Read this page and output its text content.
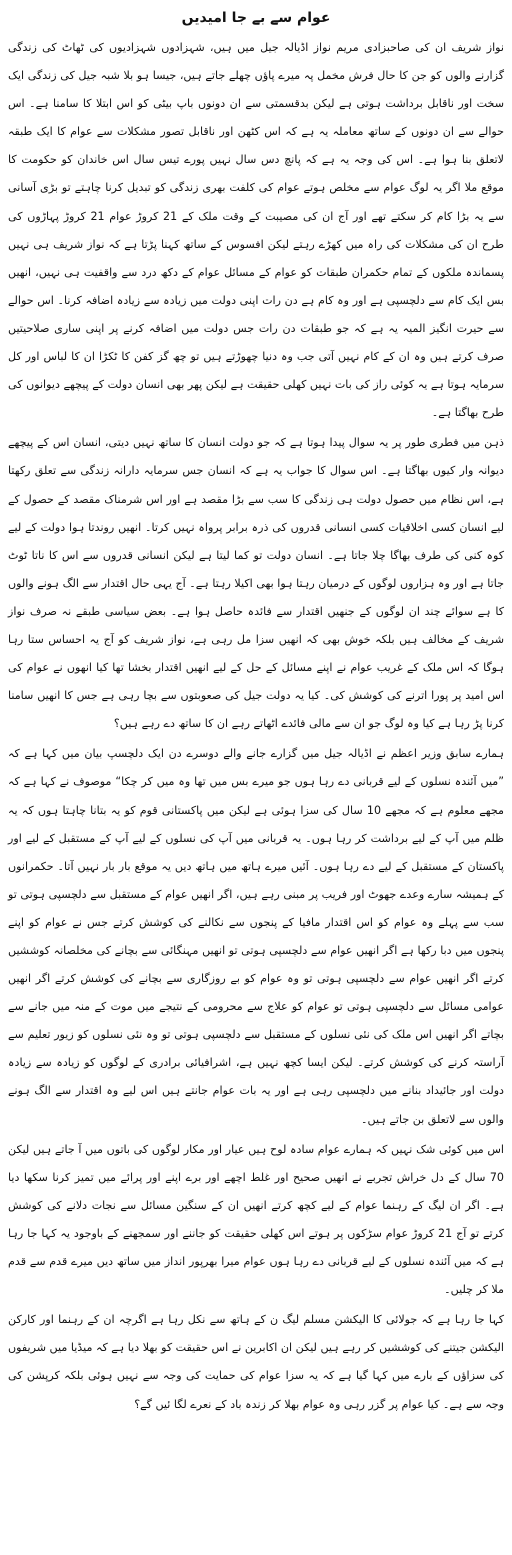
عوام سے بے جا امیدیں

نواز شریف ان کی صاحبزادی مریم نواز اڈیالہ جیل میں ہیں، شہزادوں شہزادیوں کی ٹھاٹ کی زندگی گزارنے والوں کو جن کا حال فرش مخمل پہ میرے پاؤں چھلے جاتے ہیں، جیسا ہو بلا شبہ جیل کی زندگی ایک سخت اور ناقابل برداشت ہوتی ہے لیکن بدقسمتی سے ان دونوں باپ بیٹی کو اس ابتلا کا سامنا ہے۔ اس حوالے سے ان دونوں کے ساتھ معاملہ یہ ہے کہ اس کٹھن اور ناقابل تصور مشکلات سے عوام کا ایک طبقہ لاتعلق بنا ہوا ہے۔ اس کی وجہ یہ ہے کہ پانچ دس سال نہیں پورے تیس سال اس خاندان کو حکومت کا موقع ملا اگر یہ لوگ عوام سے مخلص ہوتے عوام کی کلفت بھری زندگی کو تبدیل کرنا چاہتے تو بڑی آسانی سے یہ بڑا کام کر سکتے تھے اور آج ان کی مصیبت کے وقت ملک کے 21 کروڑ عوام 21 کروڑ پہاڑوں کی طرح ان کی مشکلات کی راہ میں کھڑے رہتے لیکن افسوس کے ساتھ کہنا پڑتا ہے کہ نواز شریف ہی نہیں پسماندہ ملکوں کے تمام حکمران طبقات کو عوام کے مسائل عوام کے دکھ درد سے واقفیت ہی نہیں، انھیں بس ایک کام سے دلچسپی ہے اور وہ کام ہے دن رات اپنی دولت میں زیادہ سے زیادہ اضافہ کرنا۔ اس حوالے سے حیرت انگیز المیہ یہ ہے کہ جو طبقات دن رات جس دولت میں اضافہ کرنے پر اپنی ساری صلاحیتیں صرف کرتے ہیں وہ ان کے کام نہیں آتی جب وہ دنیا چھوڑتے ہیں تو چھ گز کفن کا ٹکڑا ان کا لباس اور کل سرمایہ ہوتا ہے یہ کوئی راز کی بات نہیں کھلی حقیقت ہے لیکن پھر بھی انسان دولت کے پیچھے دیوانوں کی طرح بھاگتا ہے۔

ذہن میں فطری طور پر یہ سوال پیدا ہوتا ہے کہ جو دولت انسان کا ساتھ نہیں دیتی، انسان اس کے پیچھے دیوانہ وار کیوں بھاگتا ہے۔ اس سوال کا جواب یہ ہے کہ انسان جس سرمایہ دارانہ زندگی سے تعلق رکھتا ہے، اس نظام میں حصول دولت ہی زندگی کا سب سے بڑا مقصد ہے اور اس شرمناک مقصد کے حصول کے لیے انسان کسی اخلاقیات کسی انسانی قدروں کی ذرہ برابر پرواہ نہیں کرتا۔ انھیں روندتا ہوا دولت کے لیے کوہ کنی کی طرف بھاگا چلا جاتا ہے۔ انسان دولت تو کما لیتا ہے لیکن انسانی قدروں سے اس کا ناتا ٹوٹ جاتا ہے اور وہ ہزاروں لوگوں کے درمیان رہتا ہوا بھی اکیلا رہتا ہے۔ آج یہی حال اقتدار سے الگ ہونے والوں کا ہے سوائے چند ان لوگوں کے جنھیں اقتدار سے فائدہ حاصل ہوا ہے۔ بعض سیاسی طبقے نہ صرف نواز شریف کے مخالف ہیں بلکہ خوش بھی کہ انھیں سزا مل رہی ہے، نواز شریف کو آج یہ احساس ستا رہا ہوگا کہ اس ملک کے غریب عوام نے اپنے مسائل کے حل کے لیے انھیں اقتدار بخشا تھا کیا انھوں نے عوام کی اس امید پر پورا اترنے کی کوشش کی۔ کیا یہ دولت جیل کی صعوبتوں سے بچا رہی ہے جس کا انھیں سامنا کرنا پڑ رہا ہے کیا وہ لوگ جو ان سے مالی فائدے اٹھاتے رہے ان کا ساتھ دے رہے ہیں؟

ہمارے سابق وزیر اعظم نے اڈیالہ جیل میں گزارے جانے والے دوسرے دن ایک دلچسپ بیان میں کہا ہے کہ ”میں آئندہ نسلوں کے لیے قربانی دے رہا ہوں جو میرے بس میں تھا وہ میں کر چکا“ موصوف نے کہا ہے کہ مجھے معلوم ہے کہ مجھے 10 سال کی سزا ہوئی ہے لیکن میں پاکستانی قوم کو یہ بتانا چاہتا ہوں کہ یہ ظلم میں آپ کے لیے برداشت کر رہا ہوں۔ یہ قربانی میں آپ کی نسلوں کے لیے آپ کے مستقبل کے لیے اور پاکستان کے مستقبل کے لیے دے رہا ہوں۔ آئیں میرے ہاتھ میں ہاتھ دیں یہ موقع بار بار نہیں آتا۔ حکمرانوں کے ہمیشہ سارے وعدے جھوٹ اور فریب پر مبنی رہے ہیں، اگر انھیں عوام کے مستقبل سے دلچسپی ہوتی تو سب سے پہلے وہ عوام کو اس اقتدار مافیا کے پنجوں سے نکالنے کی کوشش کرتے جس نے عوام کو اپنے پنجوں میں دبا رکھا ہے اگر انھیں عوام سے دلچسپی ہوتی تو انھیں مہنگائی سے بچانے کی مخلصانہ کوششیں کرتے اگر انھیں عوام سے دلچسپی ہوتی تو وہ عوام کو بے روزگاری سے بچانے کی کوشش کرتے اگر انھیں عوامی مسائل سے دلچسپی ہوتی تو عوام کو علاج سے محرومی کے نتیجے میں موت کے منہ میں جانے سے بچاتے اگر انھیں اس ملک کی نئی نسلوں کے مستقبل سے دلچسپی ہوتی تو وہ نئی نسلوں کو زیور تعلیم سے آراستہ کرنے کی کوشش کرتے۔ لیکن ایسا کچھ نہیں ہے، اشرافیائی برادری کے لوگوں کو زیادہ سے زیادہ دولت اور جائیداد بنانے میں دلچسپی رہی ہے اور یہ بات عوام جانتے ہیں اس لیے وہ اقتدار سے الگ ہونے والوں سے لاتعلق بن جاتے ہیں۔

اس میں کوئی شک نہیں کہ ہمارے عوام سادہ لوح ہیں عیار اور مکار لوگوں کی باتوں میں آ جاتے ہیں لیکن 70 سال کے دل خراش تجربے نے انھیں صحیح اور غلط اچھے اور برے اپنے اور پرائے میں تمیز کرنا سکھا دیا ہے۔ اگر ان لیگ کے رہنما عوام کے لیے کچھ کرتے انھیں ان کے سنگین مسائل سے نجات دلانے کی کوشش کرتے تو آج 21 کروڑ عوام سڑکوں پر ہوتے اس کھلی حقیقت کو جاننے اور سمجھنے کے باوجود یہ کہا جا رہا ہے کہ میں آئندہ نسلوں کے لیے قربانی دے رہا ہوں عوام میرا بھرپور انداز میں ساتھ دیں میرے قدم سے قدم ملا کر چلیں۔

کہا جا رہا ہے کہ جولائی کا الیکشن مسلم لیگ ن کے ہاتھ سے نکل رہا ہے اگرچہ ان کے رہنما اور کارکن الیکشن جیتنے کی کوششیں کر رہے ہیں لیکن ان اکابرین نے اس حقیقت کو بھلا دیا ہے کہ میڈیا میں شریفوں کی سزاؤں کے بارے میں کہا گیا ہے کہ یہ سزا عوام کی حمایت کی وجہ سے نہیں ہوئی بلکہ کرپشن کی وجہ سے ہے۔ کیا عوام پر گزر رہی وہ عوام بھلا کر زندہ باد کے نعرے لگا ئیں گے؟
